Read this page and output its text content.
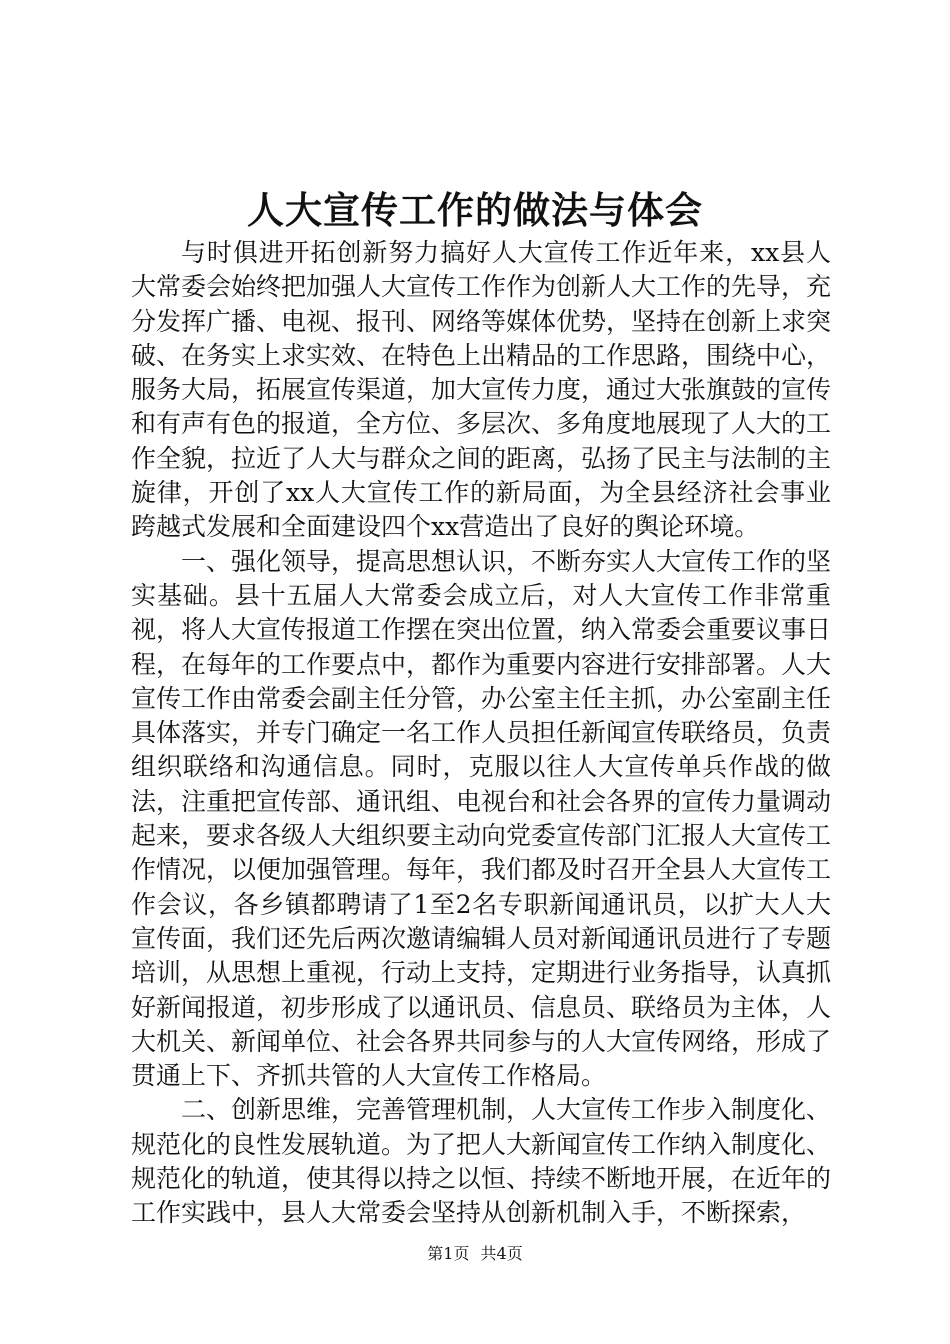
人大宣传工作的做法与体会

与时俱进开拓创新努力搞好人大宣传工作近年来，xx县人大常委会始终把加强人大宣传工作作为创新人大工作的先导，充分发挥广播、电视、报刊、网络等媒体优势，坚持在创新上求突破、在务实上求实效、在特色上出精品的工作思路，围绕中心，服务大局，拓展宣传渠道，加大宣传力度，通过大张旗鼓的宣传和有声有色的报道，全方位、多层次、多角度地展现了人大的工作全貌，拉近了人大与群众之间的距离，弘扬了民主与法制的主旋律，开创了xx人大宣传工作的新局面，为全县经济社会事业跨越式发展和全面建设四个xx营造出了良好的舆论环境。

一、强化领导，提高思想认识，不断夯实人大宣传工作的坚实基础。县十五届人大常委会成立后，对人大宣传工作非常重视，将人大宣传报道工作摆在突出位置，纳入常委会重要议事日程，在每年的工作要点中，都作为重要内容进行安排部署。人大宣传工作由常委会副主任分管，办公室主任主抓，办公室副主任具体落实，并专门确定一名工作人员担任新闻宣传联络员，负责组织联络和沟通信息。同时，克服以往人大宣传单兵作战的做法，注重把宣传部、通讯组、电视台和社会各界的宣传力量调动起来，要求各级人大组织要主动向党委宣传部门汇报人大宣传工作情况，以便加强管理。每年，我们都及时召开全县人大宣传工作会议，各乡镇都聘请了1至2名专职新闻通讯员，以扩大人大宣传面，我们还先后两次邀请编辑人员对新闻通讯员进行了专题培训，从思想上重视，行动上支持，定期进行业务指导，认真抓好新闻报道，初步形成了以通讯员、信息员、联络员为主体，人大机关、新闻单位、社会各界共同参与的人大宣传网络，形成了贯通上下、齐抓共管的人大宣传工作格局。

二、创新思维，完善管理机制，人大宣传工作步入制度化、规范化的良性发展轨道。为了把人大新闻宣传工作纳入制度化、规范化的轨道，使其得以持之以恒、持续不断地开展，在近年的工作实践中，县人大常委会坚持从创新机制入手，不断探索，

第1页 共4页
